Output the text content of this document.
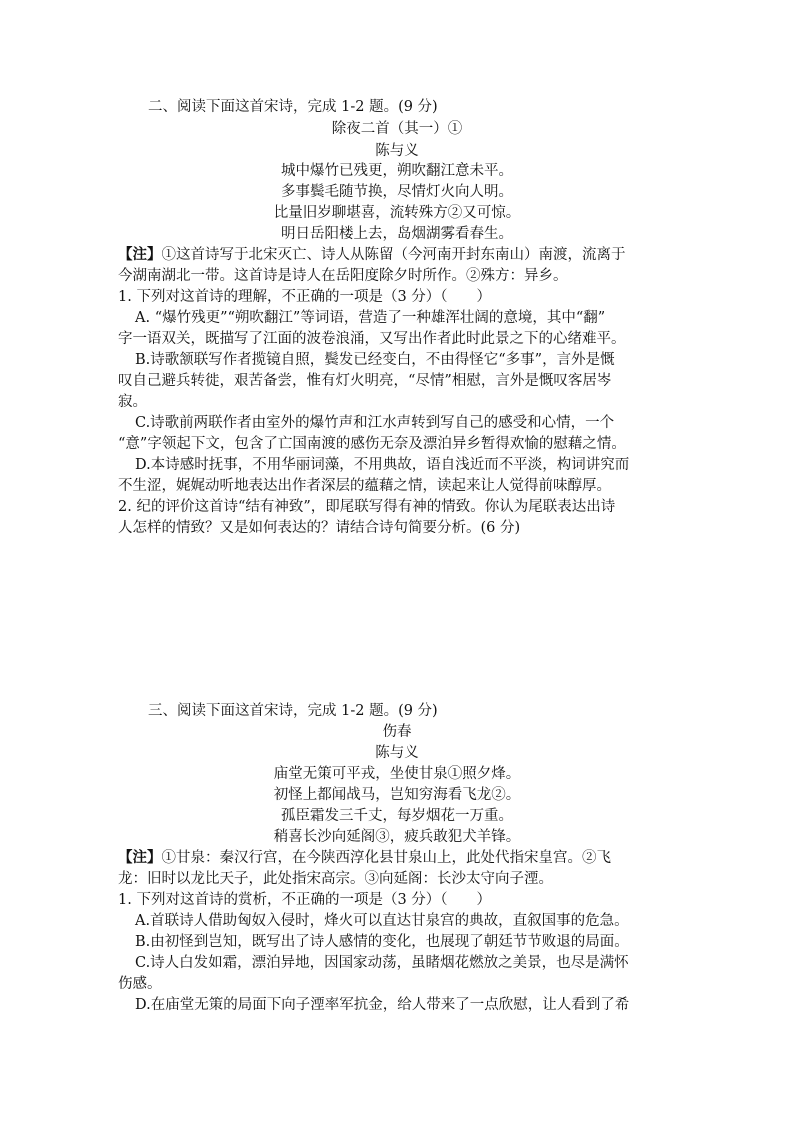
二、阅读下面这首宋诗，完成 1-2 题。(9 分)
除夜二首（其一）①
陈与义
城中爆竹已残更，朔吹翻江意未平。
多事鬓毛随节换，尽情灯火向人明。
比量旧岁聊堪喜，流转殊方②又可惊。
明日岳阳楼上去，岛烟湖雾看春生。
【注】①这首诗写于北宋灭亡、诗人从陈留（今河南开封东南山）南渡，流离于
今湖南湖北一带。这首诗是诗人在岳阳度除夕时所作。②殊方：异乡。
1. 下列对这首诗的理解，不正确的一项是（3 分）（　　）
A. “爆竹残更”“朔吹翻江”等词语，营造了一种雄浑壮阔的意境，其中“翻”
字一语双关，既描写了江面的波卷浪涌，又写出作者此时此景之下的心绪难平。
B.诗歌颔联写作者揽镜自照，鬓发已经变白，不由得怪它“多事”，言外是慨
叹自己避兵转徙，艰苦备尝，惟有灯火明亮，“尽情”相慰，言外是慨叹客居岑
寂。
C.诗歌前两联作者由室外的爆竹声和江水声转到写自己的感受和心情，一个
“意”字领起下文，包含了亡国南渡的感伤无奈及漂泊异乡暂得欢愉的慰藉之情。
D.本诗感时抚事，不用华丽词藻，不用典故，语自浅近而不平淡，构词讲究而
不生涩，娓娓动听地表达出作者深层的蕴藉之情，读起来让人觉得前味醇厚。
2. 纪的评价这首诗“结有神致”，即尾联写得有神的情致。你认为尾联表达出诗
人怎样的情致？又是如何表达的？请结合诗句简要分析。(6 分)
三、阅读下面这首宋诗，完成 1-2 题。(9 分)
伤春
陈与义
庙堂无策可平戎，坐使甘泉①照夕烽。
初怪上都闻战马，岂知穷海看飞龙②。
孤臣霜发三千丈，每岁烟花一万重。
稍喜长沙向延阁③，疲兵敢犯犬羊锋。
【注】①甘泉：秦汉行宫，在今陕西淳化县甘泉山上，此处代指宋皇宫。②飞
龙：旧时以龙比天子，此处指宋高宗。③向延阁：长沙太守向子湮。
1. 下列对这首诗的赏析，不正确的一项是（3 分）（　　）
A.首联诗人借助匈奴入侵时，烽火可以直达甘泉宫的典故，直叙国事的危急。
B.由初怪到岂知，既写出了诗人感情的变化，也展现了朝廷节节败退的局面。
C.诗人白发如霜，漂泊异地，因国家动荡，虽睹烟花燃放之美景，也尽是满怀
伤感。
D.在庙堂无策的局面下向子湮率军抗金，给人带来了一点欣慰，让人看到了希
